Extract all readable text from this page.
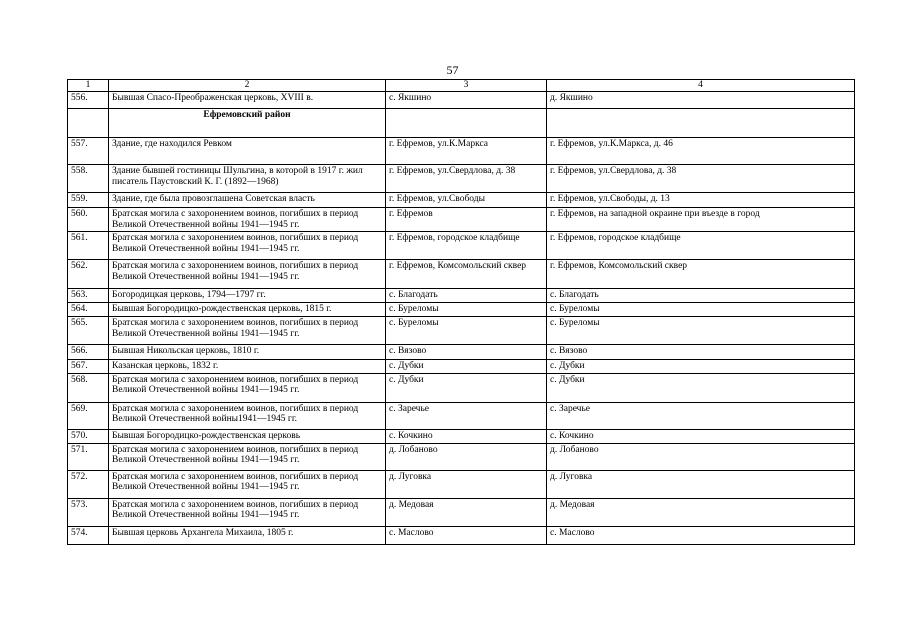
57
1	2	3	4
556.	Бывшая Спасо-Преображенская церковь, XVIII в.	с. Якшино	д. Якшино
	Ефремовский район		
557.	Здание, где находился Ревком	г. Ефремов, ул.К.Маркса	г. Ефремов, ул.К.Маркса, д. 46
558.	Здание бывшей гостиницы Шульгина, в которой в 1917 г. жил писатель Паустовский К. Г. (1892—1968)	г. Ефремов, ул.Свердлова, д. 38	г. Ефремов, ул.Свердлова, д. 38
559.	Здание, где была провозглашена Советская власть	г. Ефремов, ул.Свободы	г. Ефремов, ул.Свободы, д. 13
560.	Братская могила с захоронением воинов, погибших в период Великой Отечественной войны 1941—1945 гг.	г. Ефремов	г. Ефремов, на западной окраине при въезде в город
561.	Братская могила с захоронением воинов, погибших в период Великой Отечественной войны 1941—1945 гг.	г. Ефремов, городское кладбище	г. Ефремов, городское кладбище
562.	Братская могила с захоронением воинов, погибших в период Великой Отечественной войны 1941—1945 гг.	г. Ефремов, Комсомольский сквер	г. Ефремов, Комсомольский сквер
563.	Богородицкая церковь, 1794—1797 гг.	с. Благодать	с. Благодать
564.	Бывшая Богородицко-рождественская церковь, 1815 г.	с. Буреломы	с. Буреломы
565.	Братская могила с захоронением воинов, погибших в период Великой Отечественной войны 1941—1945 гг.	с. Буреломы	с. Буреломы
566.	Бывшая Никольская церковь, 1810 г.	с. Вязово	с. Вязово
567.	Казанская церковь, 1832 г.	с. Дубки	с. Дубки
568.	Братская могила с захоронением воинов, погибших в период Великой Отечественной войны 1941—1945 гг.	с. Дубки	с. Дубки
569.	Братская могила с захоронением воинов, погибших в период Великой Отечественной войны1941—1945 гг.	с. Заречье	с. Заречье
570.	Бывшая Богородицко-рождественская церковь	с. Кочкино	с. Кочкино
571.	Братская могила с захоронением воинов, погибших в период Великой Отечественной войны 1941—1945 гг.	д. Лобаново	д. Лобаново
572.	Братская могила с захоронением воинов, погибших в период Великой Отечественной войны 1941—1945 гг.	д. Луговка	д. Луговка
573.	Братская могила с захоронением воинов, погибших в период Великой Отечественной войны 1941—1945 гг.	д. Медовая	д. Медовая
574.	Бывшая церковь Архангела Михаила, 1805 г.	с. Маслово	с. Маслово
